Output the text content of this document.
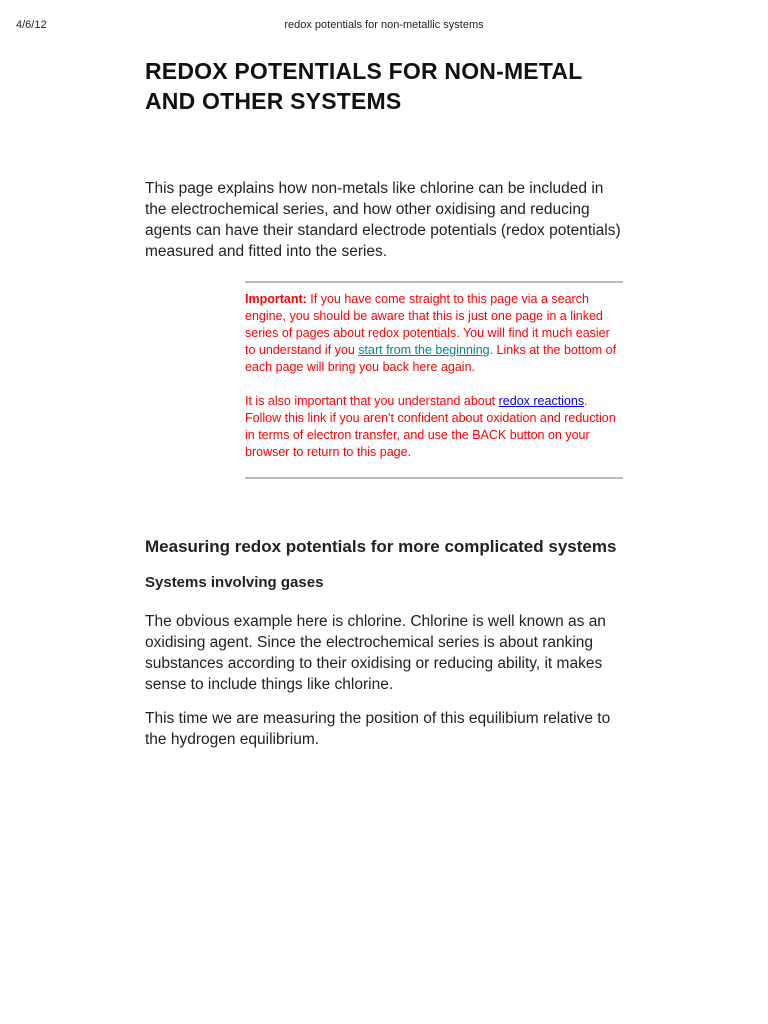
4/6/12	redox potentials for non-metallic systems
REDOX POTENTIALS FOR NON-METAL AND OTHER SYSTEMS

This page explains how non-metals like chlorine can be included in the electrochemical series, and how other oxidising and reducing agents can have their standard electrode potentials (redox potentials) measured and fitted into the series.

Important: If you have come straight to this page via a search engine, you should be aware that this is just one page in a linked series of pages about redox potentials. You will find it much easier to understand if you start from the beginning. Links at the bottom of each page will bring you back here again.

It is also important that you understand about redox reactions. Follow this link if you aren't confident about oxidation and reduction in terms of electron transfer, and use the BACK button on your browser to return to this page.

Measuring redox potentials for more complicated systems
Systems involving gases

The obvious example here is chlorine. Chlorine is well known as an oxidising agent. Since the electrochemical series is about ranking substances according to their oxidising or reducing ability, it makes sense to include things like chlorine.

This time we are measuring the position of this equilibium relative to the hydrogen equilibrium.
